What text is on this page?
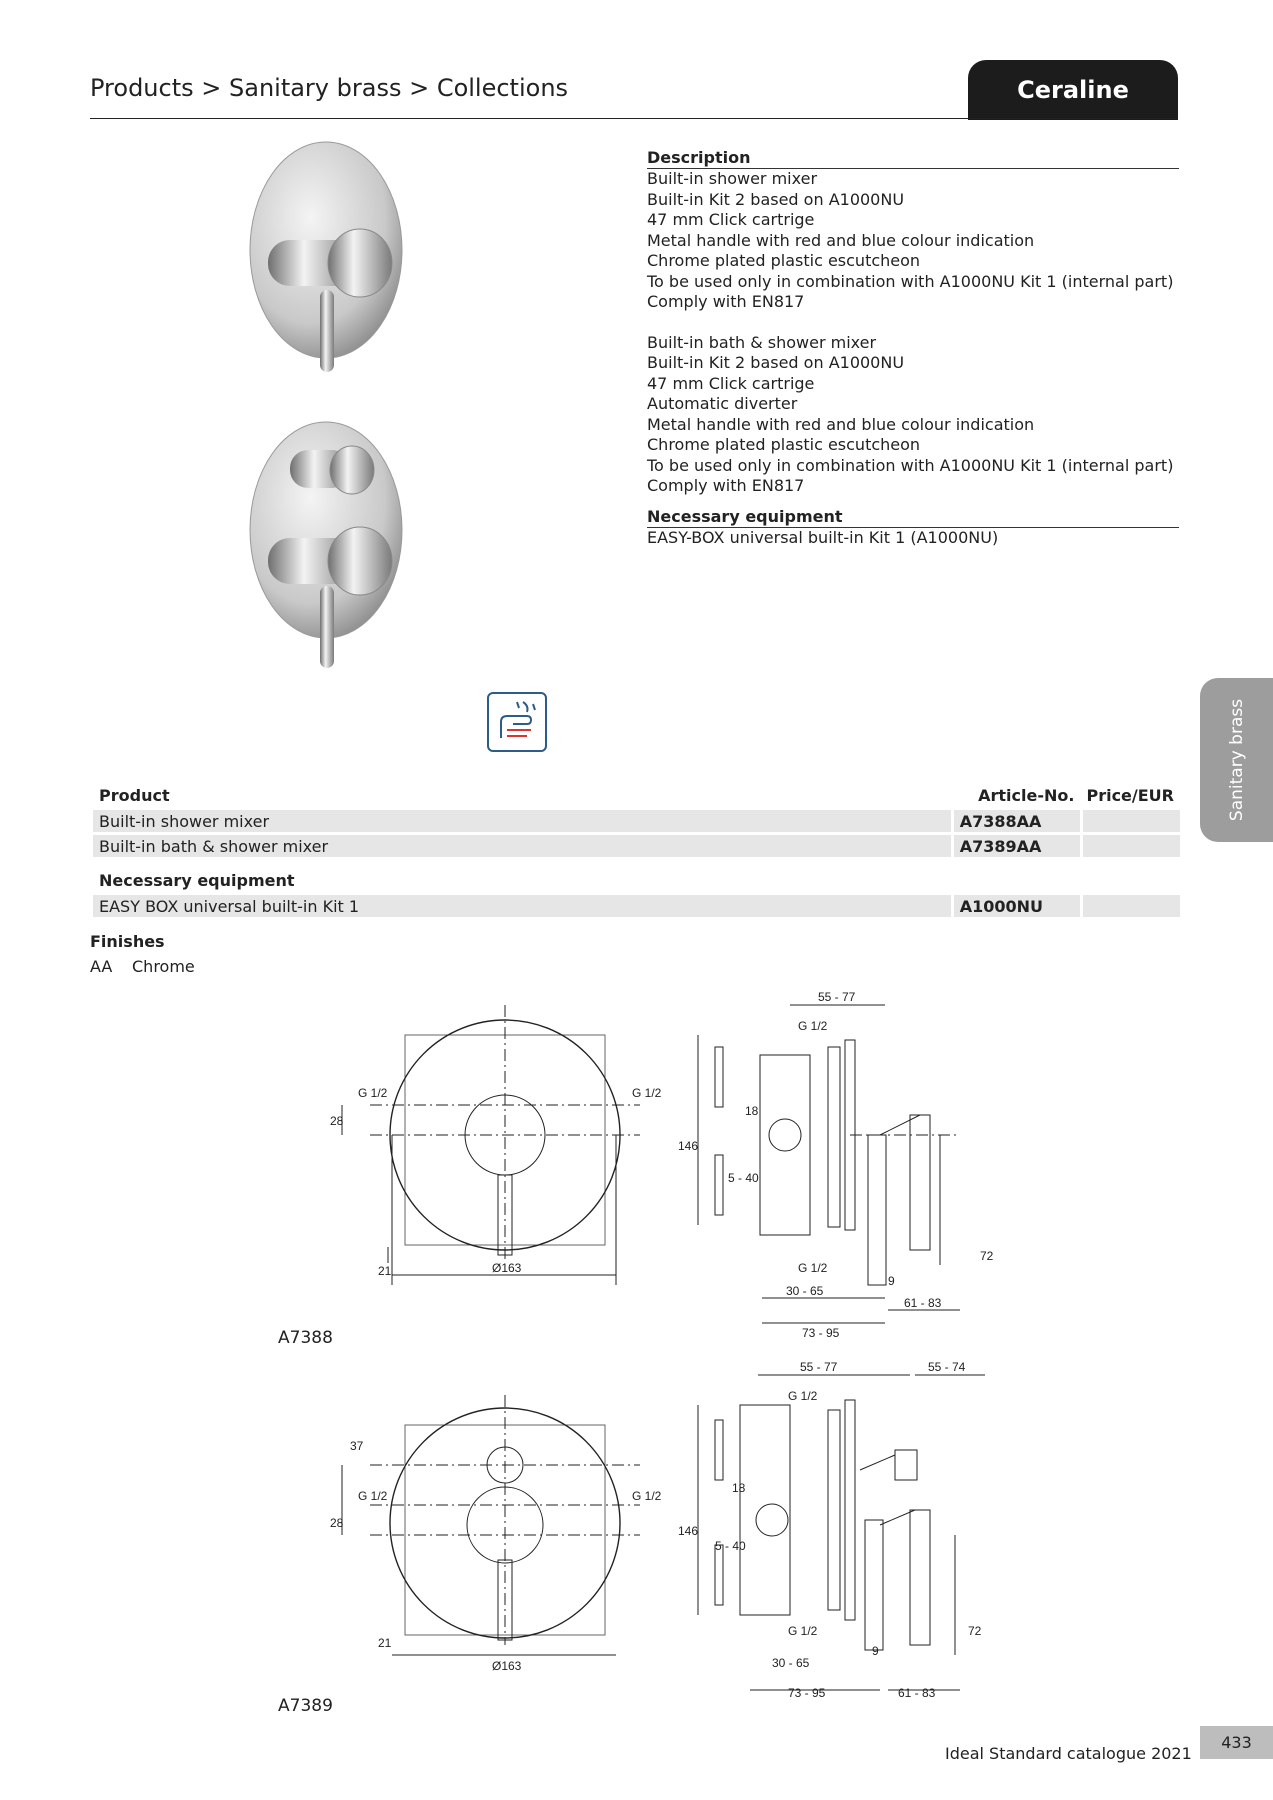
Products > Sanitary brass > Collections	Ceraline
Description

Built-in shower mixer

Built-in Kit 2 based on A1000NU

47 mm Click cartrige

Metal handle with red and blue colour indication

Chrome plated plastic escutcheon

To be used only in combination with A1000NU Kit 1 (internal part)

Comply with EN817

Built-in bath & shower mixer

Built-in Kit 2 based on A1000NU

47 mm Click cartrige

Automatic diverter

Metal handle with red and blue colour indication

Chrome plated plastic escutcheon

To be used only in combination with A1000NU Kit 1 (internal part)

Comply with EN817

Necessary equipment

EASY-BOX universal built-in Kit 1 (A1000NU)

Sanitary brass
Product	Article-No.	Price/EUR
Built-in shower mixer	A7388AA	
Built-in bath & shower mixer	A7389AA	
Necessary equipment		
EASY BOX universal built-in Kit 1	A1000NU	
Finishes
AA Chrome
G 1/2	G 1/2
28
21	Ø163
55 - 77
G 1/2
18
146
5 - 40
G 1/2
9
72
30 - 65
61 - 83
73 - 95
A7388
37
G 1/2	G 1/2
28
21
Ø163
55 - 77	55 - 74
G 1/2
18
146
5 - 40
G 1/2
9
72
30 - 65
73 - 95	61 - 83
A7389
Ideal Standard catalogue 2021
433
